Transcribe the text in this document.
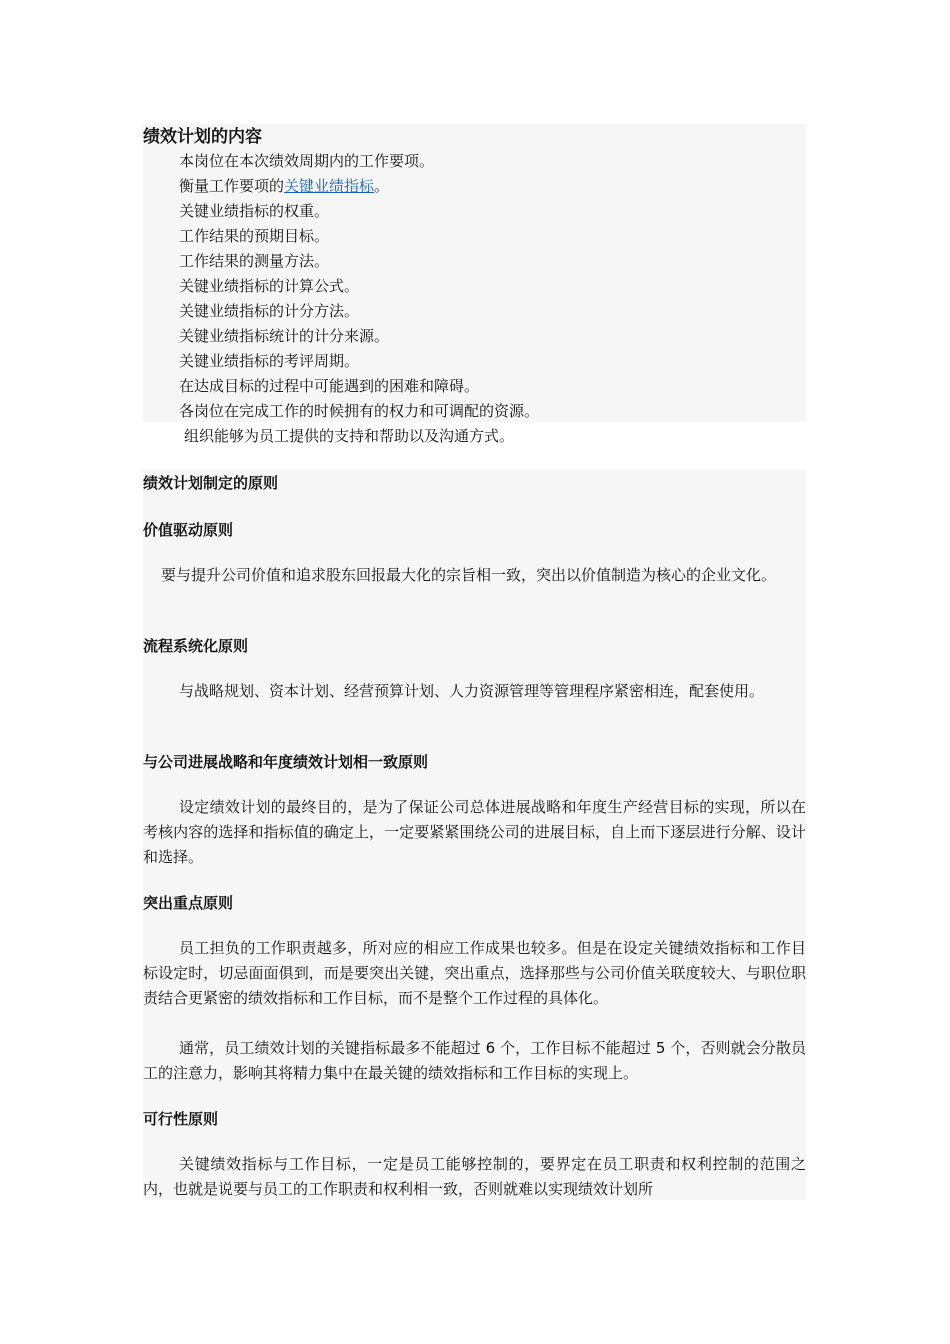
绩效计划的内容
本岗位在本次绩效周期内的工作要项。
衡量工作要项的关键业绩指标。
关键业绩指标的权重。
工作结果的预期目标。
工作结果的测量方法。
关键业绩指标的计算公式。
关键业绩指标的计分方法。
关键业绩指标统计的计分来源。
关键业绩指标的考评周期。
在达成目标的过程中可能遇到的困难和障碍。
各岗位在完成工作的时候拥有的权力和可调配的资源。
组织能够为员工提供的支持和帮助以及沟通方式。
绩效计划制定的原则
价值驱动原则

要与提升公司价值和追求股东回报最大化的宗旨相一致，突出以价值制造为核心的企业文化。

流程系统化原则

与战略规划、资本计划、经营预算计划、人力资源管理等管理程序紧密相连，配套使用。

与公司进展战略和年度绩效计划相一致原则

设定绩效计划的最终目的，是为了保证公司总体进展战略和年度生产经营目标的实现，所以在考核内容的选择和指标值的确定上，一定要紧紧围绕公司的进展目标，自上而下逐层进行分解、设计和选择。

突出重点原则

员工担负的工作职责越多，所对应的相应工作成果也较多。但是在设定关键绩效指标和工作目标设定时，切忌面面俱到，而是要突出关键，突出重点，选择那些与公司价值关联度较大、与职位职责结合更紧密的绩效指标和工作目标，而不是整个工作过程的具体化。

通常，员工绩效计划的关键指标最多不能超过 6 个，工作目标不能超过 5 个，否则就会分散员工的注意力，影响其将精力集中在最关键的绩效指标和工作目标的实现上。

可行性原则

关键绩效指标与工作目标，一定是员工能够控制的，要界定在员工职责和权利控制的范围之内，也就是说要与员工的工作职责和权利相一致，否则就难以实现绩效计划所
